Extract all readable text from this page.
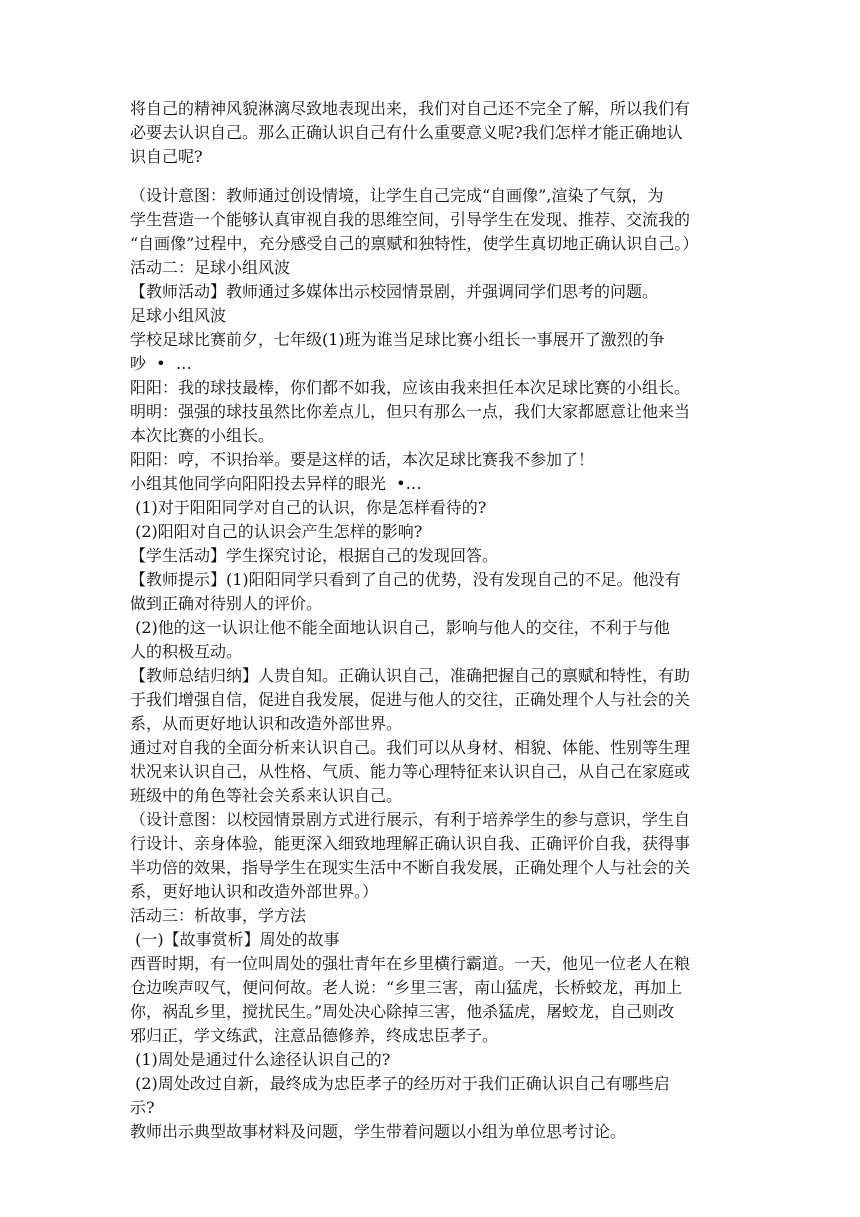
将自己的精神风貌淋漓尽致地表现出来，我们对自己还不完全了解，所以我们有
必要去认识自己。那么正确认识自己有什么重要意义呢?我们怎样才能正确地认
识自己呢?
（设计意图：教师通过创设情境，让学生自己完成“自画像”,渲染了气氛，为
学生营造一个能够认真审视自我的思维空间，引导学生在发现、推荐、交流我的
“自画像”过程中，充分感受自己的禀赋和独特性，使学生真切地正确认识自己。）
活动二：足球小组风波
【教师活动】教师通过多媒体出示校园情景剧，并强调同学们思考的问题。
足球小组风波
学校足球比赛前夕，七年级(1)班为谁当足球比赛小组长一事展开了激烈的争
吵  •  …
阳阳：我的球技最棒，你们都不如我，应该由我来担任本次足球比赛的小组长。
明明：强强的球技虽然比你差点儿，但只有那么一点，我们大家都愿意让他来当
本次比赛的小组长。
阳阳：哼，不识抬举。要是这样的话，本次足球比赛我不参加了！
小组其他同学向阳阳投去异样的眼光  •…
(1)对于阳阳同学对自己的认识，你是怎样看待的?
(2)阳阳对自己的认识会产生怎样的影响?
【学生活动】学生探究讨论，根据自己的发现回答。
【教师提示】(1)阳阳同学只看到了自己的优势，没有发现自己的不足。他没有
做到正确对待别人的评价。
(2)他的这一认识让他不能全面地认识自己，影响与他人的交往，不利于与他
人的积极互动。
【教师总结归纳】人贵自知。正确认识自己，准确把握自己的禀赋和特性，有助
于我们增强自信，促进自我发展，促进与他人的交往，正确处理个人与社会的关
系，从而更好地认识和改造外部世界。
通过对自我的全面分析来认识自己。我们可以从身材、相貌、体能、性别等生理
状况来认识自己，从性格、气质、能力等心理特征来认识自己，从自己在家庭或
班级中的角色等社会关系来认识自己。
（设计意图：以校园情景剧方式进行展示，有利于培养学生的参与意识，学生自
行设计、亲身体验，能更深入细致地理解正确认识自我、正确评价自我，获得事
半功倍的效果，指导学生在现实生活中不断自我发展，正确处理个人与社会的关
系，更好地认识和改造外部世界。）
活动三：析故事，学方法
(一)【故事赏析】周处的故事
西晋时期，有一位叫周处的强壮青年在乡里横行霸道。一天，他见一位老人在粮
仓边唉声叹气，便问何故。老人说：“乡里三害，南山猛虎，长桥蛟龙，再加上
你，祸乱乡里，搅扰民生。”周处决心除掉三害，他杀猛虎，屠蛟龙，自己则改
邪归正，学文练武，注意品德修养，终成忠臣孝子。
(1)周处是通过什么途径认识自己的?
(2)周处改过自新，最终成为忠臣孝子的经历对于我们正确认识自己有哪些启
示?
教师出示典型故事材料及问题，学生带着问题以小组为单位思考讨论。
